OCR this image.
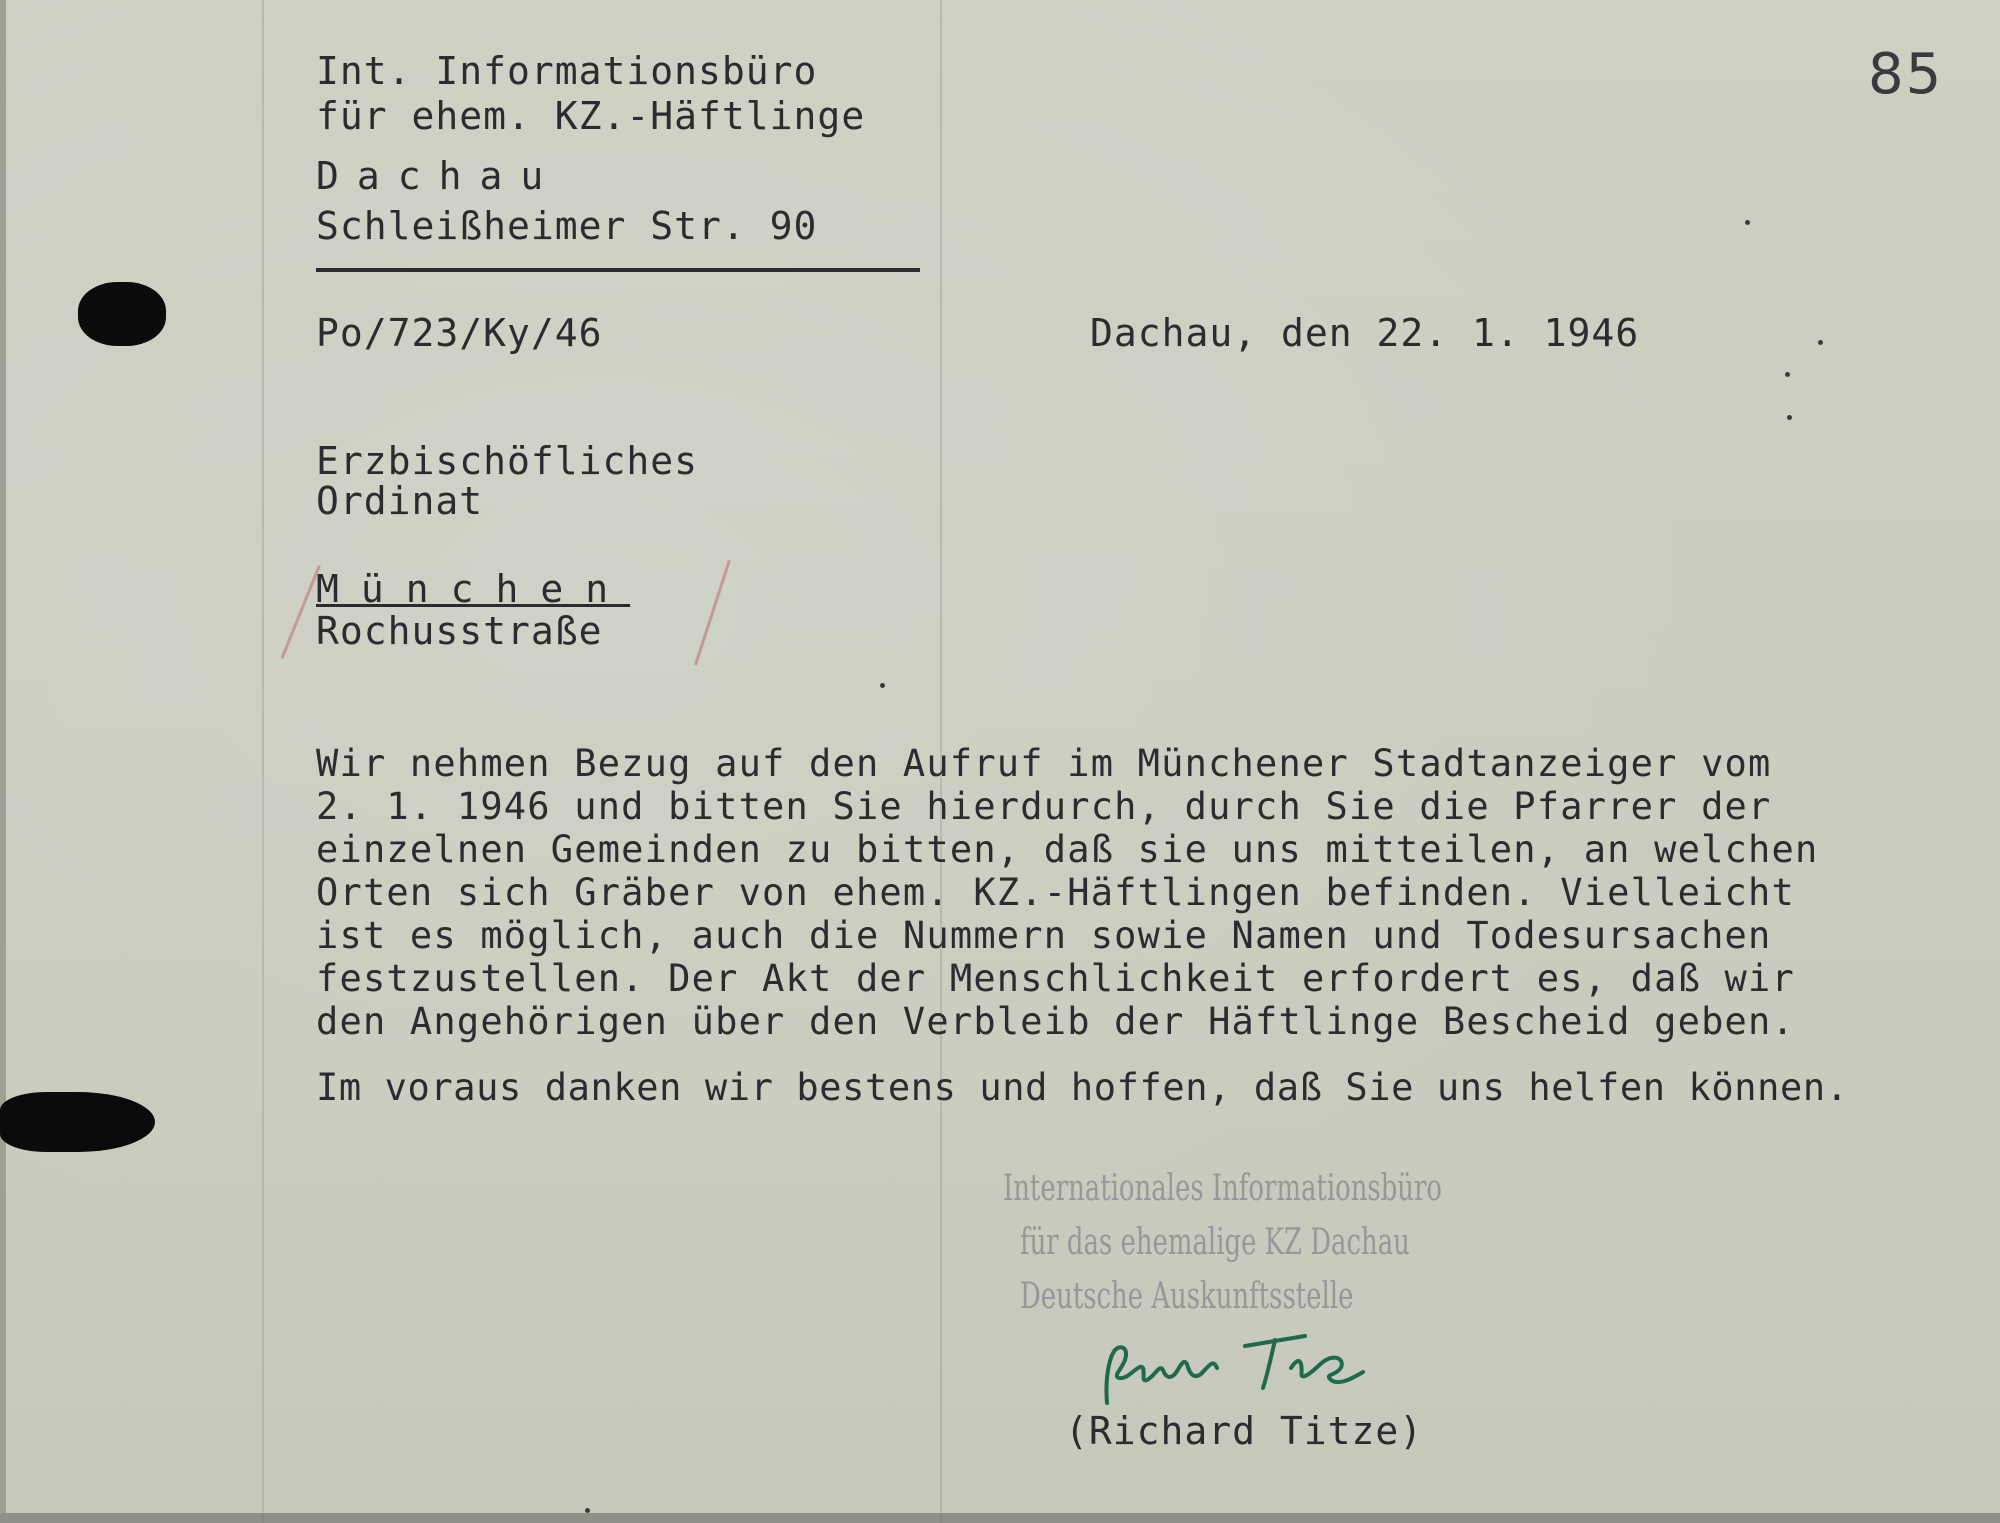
85
Int. Informationsbüro
für ehem. KZ.-Häftlinge
Dachau
Schleißheimer Str. 90
Po/723/Ky/46	Dachau, den 22. 1. 1946
Erzbischöfliches
Ordinat
München
Rochusstraße
Wir nehmen Bezug auf den Aufruf im Münchener Stadtanzeiger vom
2. 1. 1946 und bitten Sie hierdurch, durch Sie die Pfarrer der
einzelnen Gemeinden zu bitten, daß sie uns mitteilen, an welchen
Orten sich Gräber von ehem. KZ.-Häftlingen befinden. Vielleicht
ist es möglich, auch die Nummern sowie Namen und Todesursachen
festzustellen. Der Akt der Menschlichkeit erfordert es, daß wir
den Angehörigen über den Verbleib der Häftlinge Bescheid geben.
Im voraus danken wir bestens und hoffen, daß Sie uns helfen können.
Internationales Informationsbüro
für das ehemalige KZ Dachau
Deutsche Auskunftsstelle
(Richard Titze)
